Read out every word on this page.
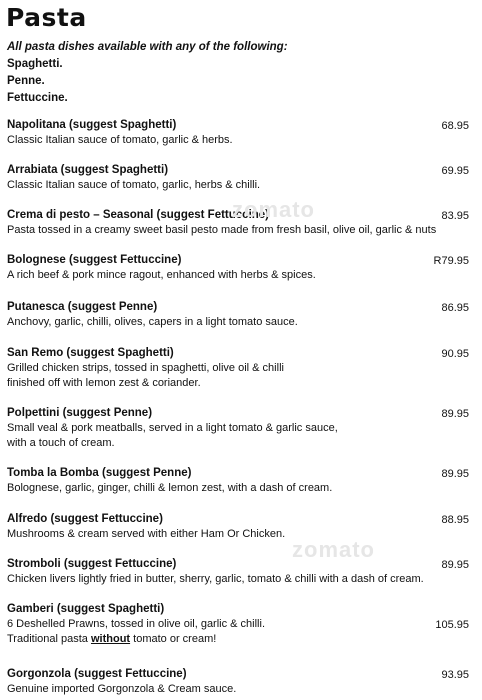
Pasta
All pasta dishes available with any of the following:
Spaghetti.
Penne.
Fettuccine.
Napolitana (suggest Spaghetti)
Classic Italian sauce of tomato, garlic & herbs.
68.95
Arrabiata (suggest Spaghetti)
Classic Italian sauce of tomato, garlic, herbs & chilli.
69.95
Crema di pesto – Seasonal (suggest Fettuccine)
Pasta tossed in a creamy sweet basil pesto made from fresh basil, olive oil, garlic & nuts
83.95
Bolognese (suggest Fettuccine)
A rich beef & pork mince ragout, enhanced with herbs & spices.
R79.95
Putanesca (suggest Penne)
Anchovy, garlic, chilli, olives, capers in a light tomato sauce.
86.95
San Remo (suggest Spaghetti)
Grilled chicken strips, tossed in spaghetti, olive oil & chilli
finished off with lemon zest & coriander.
90.95
Polpettini (suggest Penne)
Small veal & pork meatballs, served in a light tomato & garlic sauce,
with a touch of cream.
89.95
Tomba la Bomba (suggest Penne)
Bolognese, garlic, ginger, chilli & lemon zest, with a dash of cream.
89.95
Alfredo (suggest Fettuccine)
Mushrooms & cream served with either Ham Or Chicken.
88.95
Stromboli (suggest Fettuccine)
Chicken livers lightly fried in butter, sherry, garlic, tomato & chilli with a dash of cream.
89.95
Gamberi (suggest Spaghetti)
6 Deshelled Prawns, tossed in olive oil, garlic & chilli.
Traditional pasta without tomato or cream!
105.95
Gorgonzola (suggest Fettuccine)
Genuine imported Gorgonzola & Cream sauce.
93.95
zomato
zomato
